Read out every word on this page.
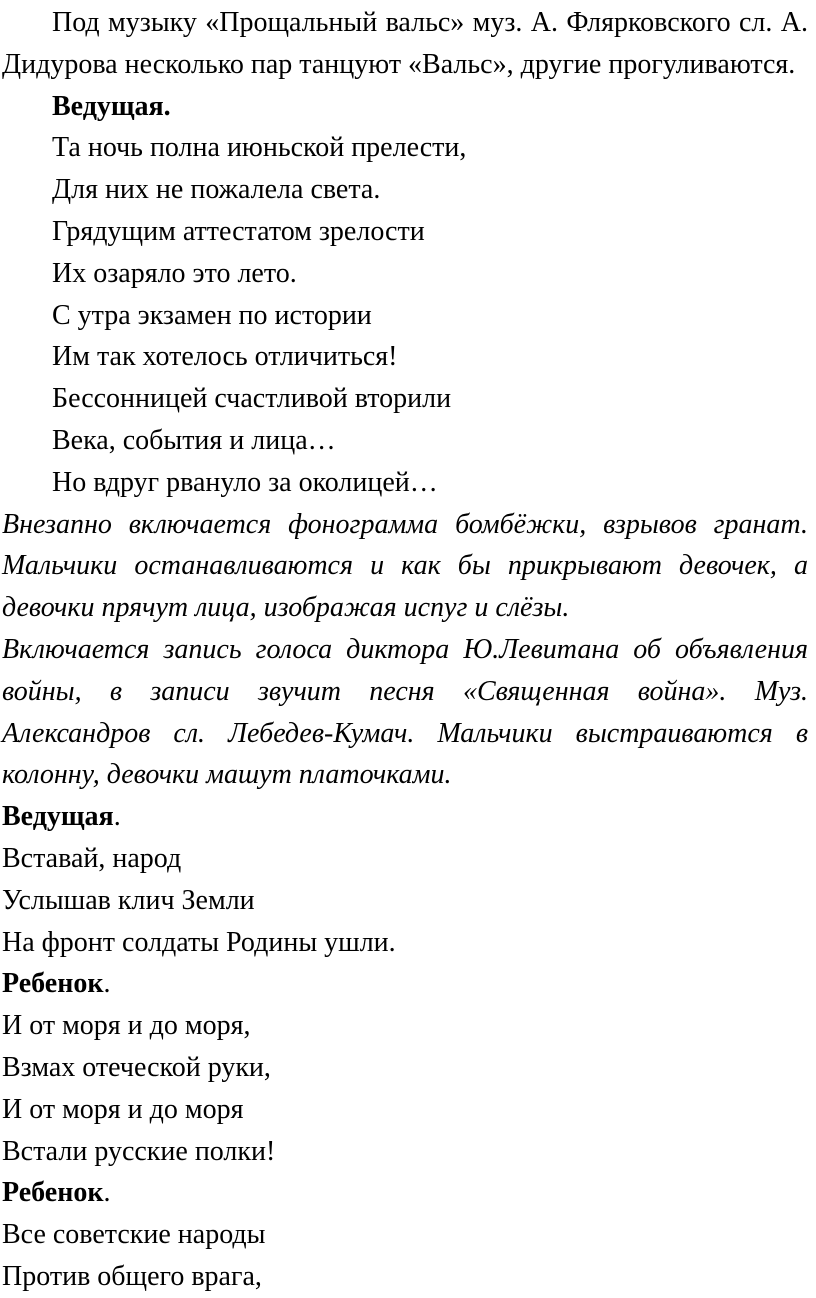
Под музыку «Прощальный вальс» муз. А. Флярковского сл. А. Дидурова несколько пар танцуют «Вальс», другие прогуливаются.

Ведущая.

Та ночь полна июньской прелести,

Для них не пожалела света.

Грядущим аттестатом зрелости

Их озаряло это лето.

С утра экзамен по истории

Им так хотелось отличиться!

Бессонницей счастливой вторили

Века, события и лица…

Но вдруг рвануло за околицей…

Внезапно включается фонограмма бомбёжки, взрывов гранат. Мальчики останавливаются и как бы прикрывают девочек, а девочки прячут лица, изображая испуг и слёзы.

Включается запись голоса диктора Ю.Левитана об объявления войны, в записи звучит песня «Священная война». Муз. Александров сл. Лебедев-Кумач. Мальчики выстраиваются в колонну, девочки машут платочками.

Ведущая.

Вставай, народ

Услышав клич Земли

На фронт солдаты Родины ушли.

Ребенок.

И от моря и до моря,

Взмах отеческой руки,

И от моря и до моря

Встали русские полки!

Ребенок.

Все советские народы

Против общего врага,
